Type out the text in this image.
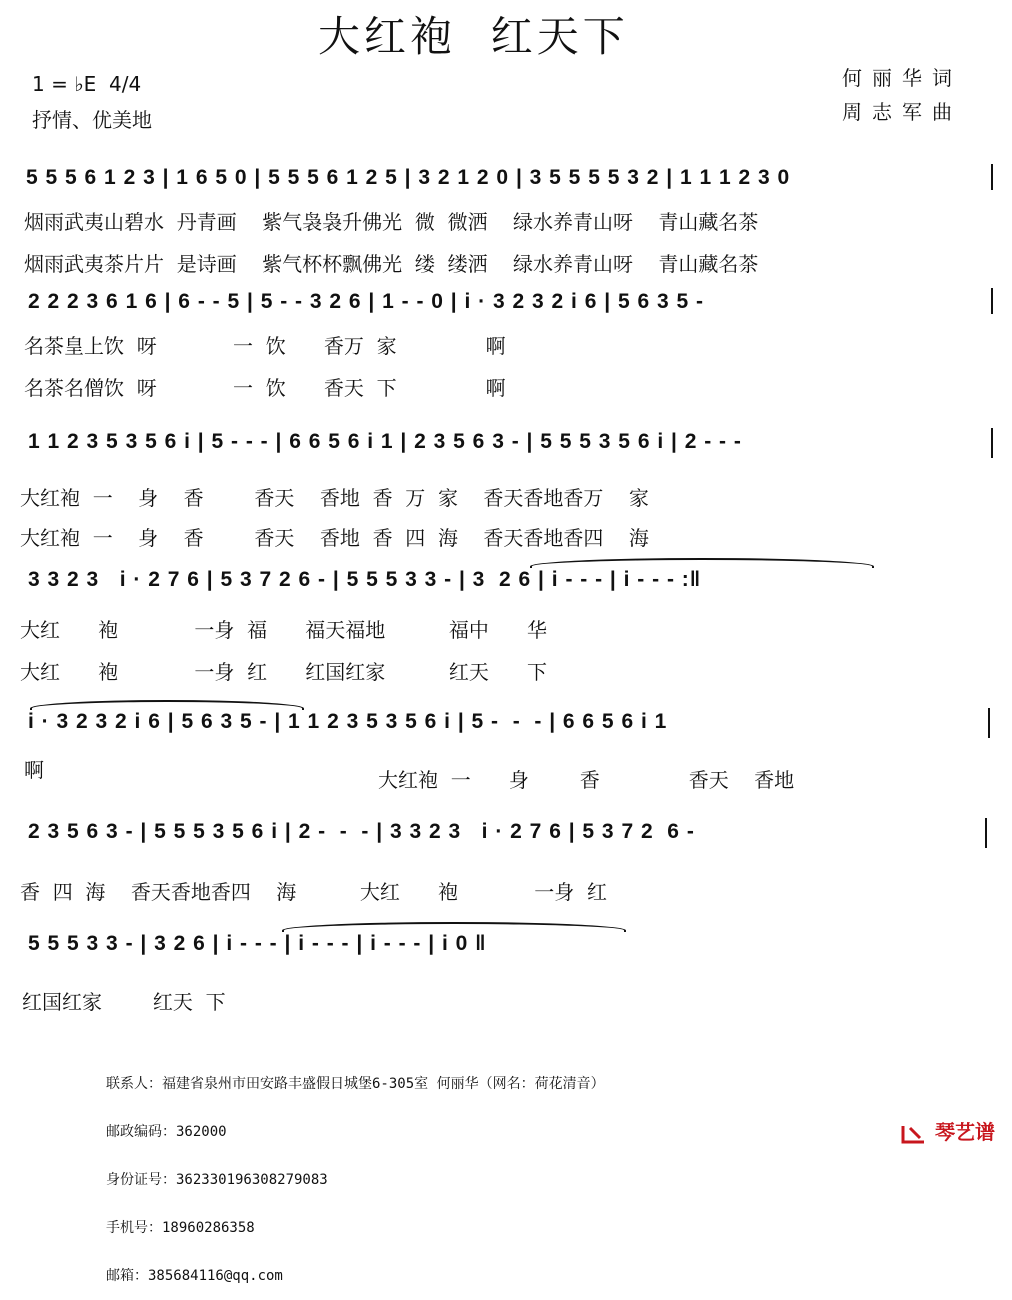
大红袍  红天下
1 = ♭E  4/4
抒情、优美地
何丽华词
周志军曲
5 5 5 6 1 2 3 | 1 6 5 0 | 5 5 5 6 1 2 5 | 3 2 1 2 0 | 3 5 5 5 5 3 2 | 1 1 1 2 3 0
烟雨武夷山碧水  丹青画    紫气袅袅升佛光  微  微洒    绿水养青山呀    青山藏名茶
烟雨武夷茶片片  是诗画    紫气杯杯飘佛光  缕  缕洒    绿水养青山呀    青山藏名茶
2 2 2 3 6 1 6 | 6 - - 5 | 5 - - 3 2 6 | 1 - - 0 | i · 3 2 3 2 i 6 | 5 6 3 5 -
名茶皇上饮  呀            一  饮      香万  家              啊
名茶名僧饮  呀            一  饮      香天  下              啊
1 1 2 3 5 3 5 6 i | 5 - - - | 6 6 5 6 i 1 | 2 3 5 6 3 - | 5 5 5 3 5 6 i | 2 - - -
大红袍  一    身    香        香天    香地  香  万  家    香天香地香万    家
大红袍  一    身    香        香天    香地  香  四  海    香天香地香四    海
3 3 2 3   i · 2 7 6 | 5 3 7 2 6 - | 5 5 5 3 3 - | 3  2 6 | i - - - | i - - - :‖
大红      袍            一身  福      福天福地          福中      华
大红      袍            一身  红      红国红家          红天      下
i · 3 2 3 2 i 6 | 5 6 3 5 - | 1 1 2 3 5 3 5 6 i | 5 -  -  - | 6 6 5 6 i 1
啊	大红袍  一      身        香              香天    香地
2 3 5 6 3 - | 5 5 5 3 5 6 i | 2 -  -  - | 3 3 2 3   i · 2 7 6 | 5 3 7 2  6 -
香  四  海    香天香地香四    海          大红      袍            一身  红
5 5 5 3 3 - | 3 2 6 | i - - - | i - - - | i - - - | i 0 ‖
红国红家        红天  下

联系人：福建省泉州市田安路丰盛假日城堡6-305室 何丽华（网名：荷花清音）

邮政编码：362000

身份证号：362330196308279083

手机号：18960286358

邮箱：385684116@qq.com

琴艺谱
